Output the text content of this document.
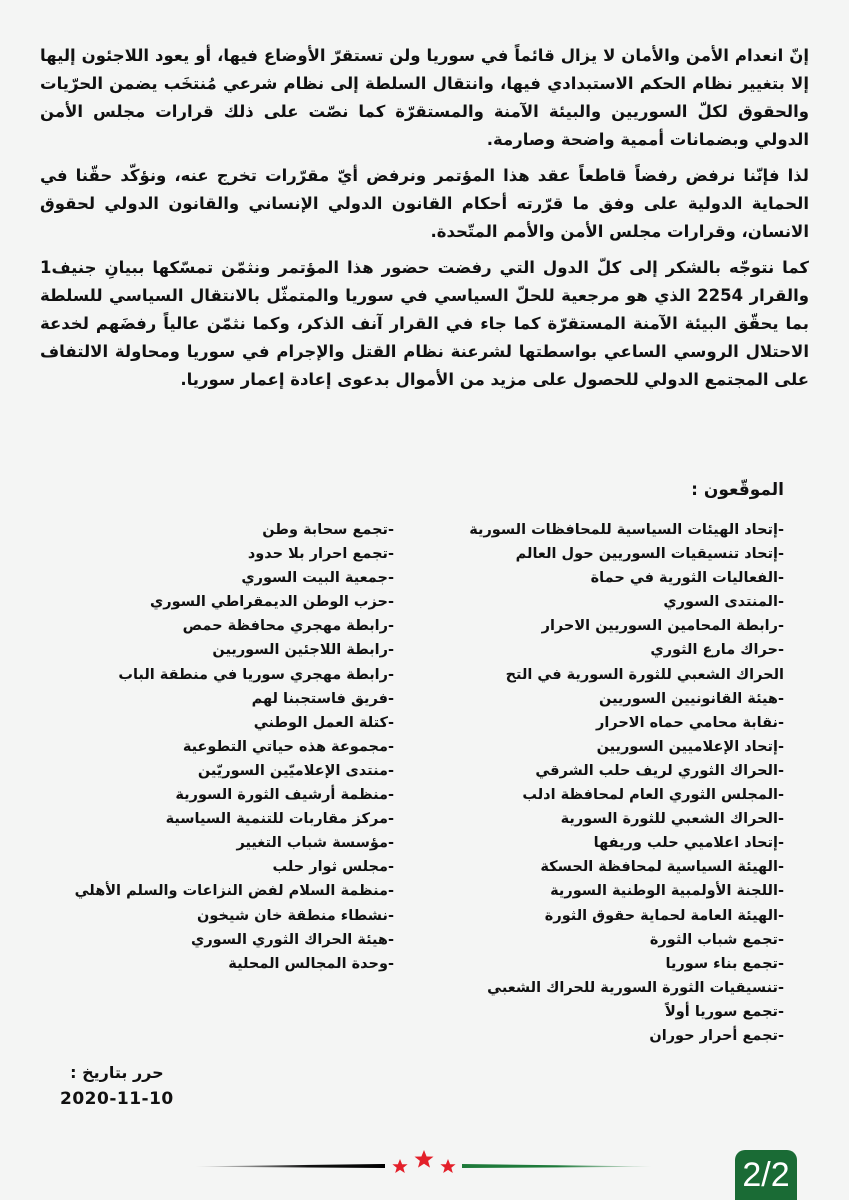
إنّ انعدام الأمن والأمان لا يزال قائماً في سوريا ولن تستقرّ الأوضاع فيها، أو يعود اللاجئون إليها إلا بتغيير نظام الحكم الاستبدادي فيها، وانتقال السلطة إلى نظام شرعي مُنتخَب يضمن الحرّيات والحقوق لكلّ السوريين والبيئة الآمنة والمستقرّة كما نصّت على ذلك قرارات مجلس الأمن الدولي وبضمانات أممية واضحة وصارمة.

لذا فإنّنا نرفض رفضاً قاطعاً عقد هذا المؤتمر ونرفض أيّ مقرّرات تخرج عنه، ونؤكّد حقّنا في الحماية الدولية على وفق ما قرّرته أحكام القانون الدولي الإنساني والقانون الدولي لحقوق الانسان، وقرارات مجلس الأمن والأمم المتّحدة.

كما نتوجّه بالشكر إلى كلّ الدول التي رفضت حضور هذا المؤتمر ونثمّن تمسّكها ببيانِ جنيف1 والقرار 2254 الذي هو مرجعية للحلّ السياسي في سوريا والمتمثّل بالانتقال السياسي للسلطة بما يحقّق البيئة الآمنة المستقرّة كما جاء في القرار آنف الذكر، وكما نثمّن عالياً رفضَهم لخدعة الاحتلال الروسي الساعي بواسطتها لشرعنة نظام القتل والإجرام في سوريا ومحاولة الالتفاف على المجتمع الدولي للحصول على مزيد من الأموال بدعوى إعادة إعمار سوريا.

الموقّعون :
-إتحاد الهيئات السياسية للمحافظات السورية
-إتحاد تنسيقيات السوريين حول العالم
-الفعاليات الثورية في حماة
-المنتدى السوري
-رابطة المحامين السوريين الاحرار
-حراك مارع الثوري
الحراك الشعبي للثورة السورية في التح
-هيئة القانونيين السوريين
-نقابة محامي حماه الاحرار
-إتحاد الإعلاميين السوريين
-الحراك الثوري لريف حلب الشرقي
-المجلس الثوري العام لمحافظة ادلب
-الحراك الشعبي للثورة السورية
-إتحاد اعلاميي حلب وريفها
-الهيئة السياسية لمحافظة الحسكة
-اللجنة الأولمبية الوطنية السورية
-الهيئة العامة لحماية حقوق الثورة
-تجمع شباب الثورة
-تجمع بناء سوريا
-تنسيقيات الثورة السورية للحراك الشعبي
-تجمع سوريا أولاً
-تجمع أحرار حوران
-تجمع سحابة وطن
-تجمع احرار بلا حدود
-جمعية البيت السوري
-حزب الوطن الديمقراطي السوري
-رابطة مهجري محافظة حمص
-رابطة اللاجئين السوريين
-رابطة مهجري سوريا في منطقة الباب
-فريق فاستجبنا لهم
-كتلة العمل الوطني
-مجموعة هذه حياتي التطوعية
-منتدى الإعلاميّين السوريّين
-منظمة أرشيف الثورة السورية
-مركز مقاربات للتنمية السياسية
-مؤسسة شباب التغيير
-مجلس ثوار حلب
-منظمة السلام لفض النزاعات والسلم الأهلي
-نشطاء منطقة خان شيخون
-هيئة الحراك الثوري السوري
-وحدة المجالس المحلية
حرر بتاريخ :
2020-11-10
2/2
